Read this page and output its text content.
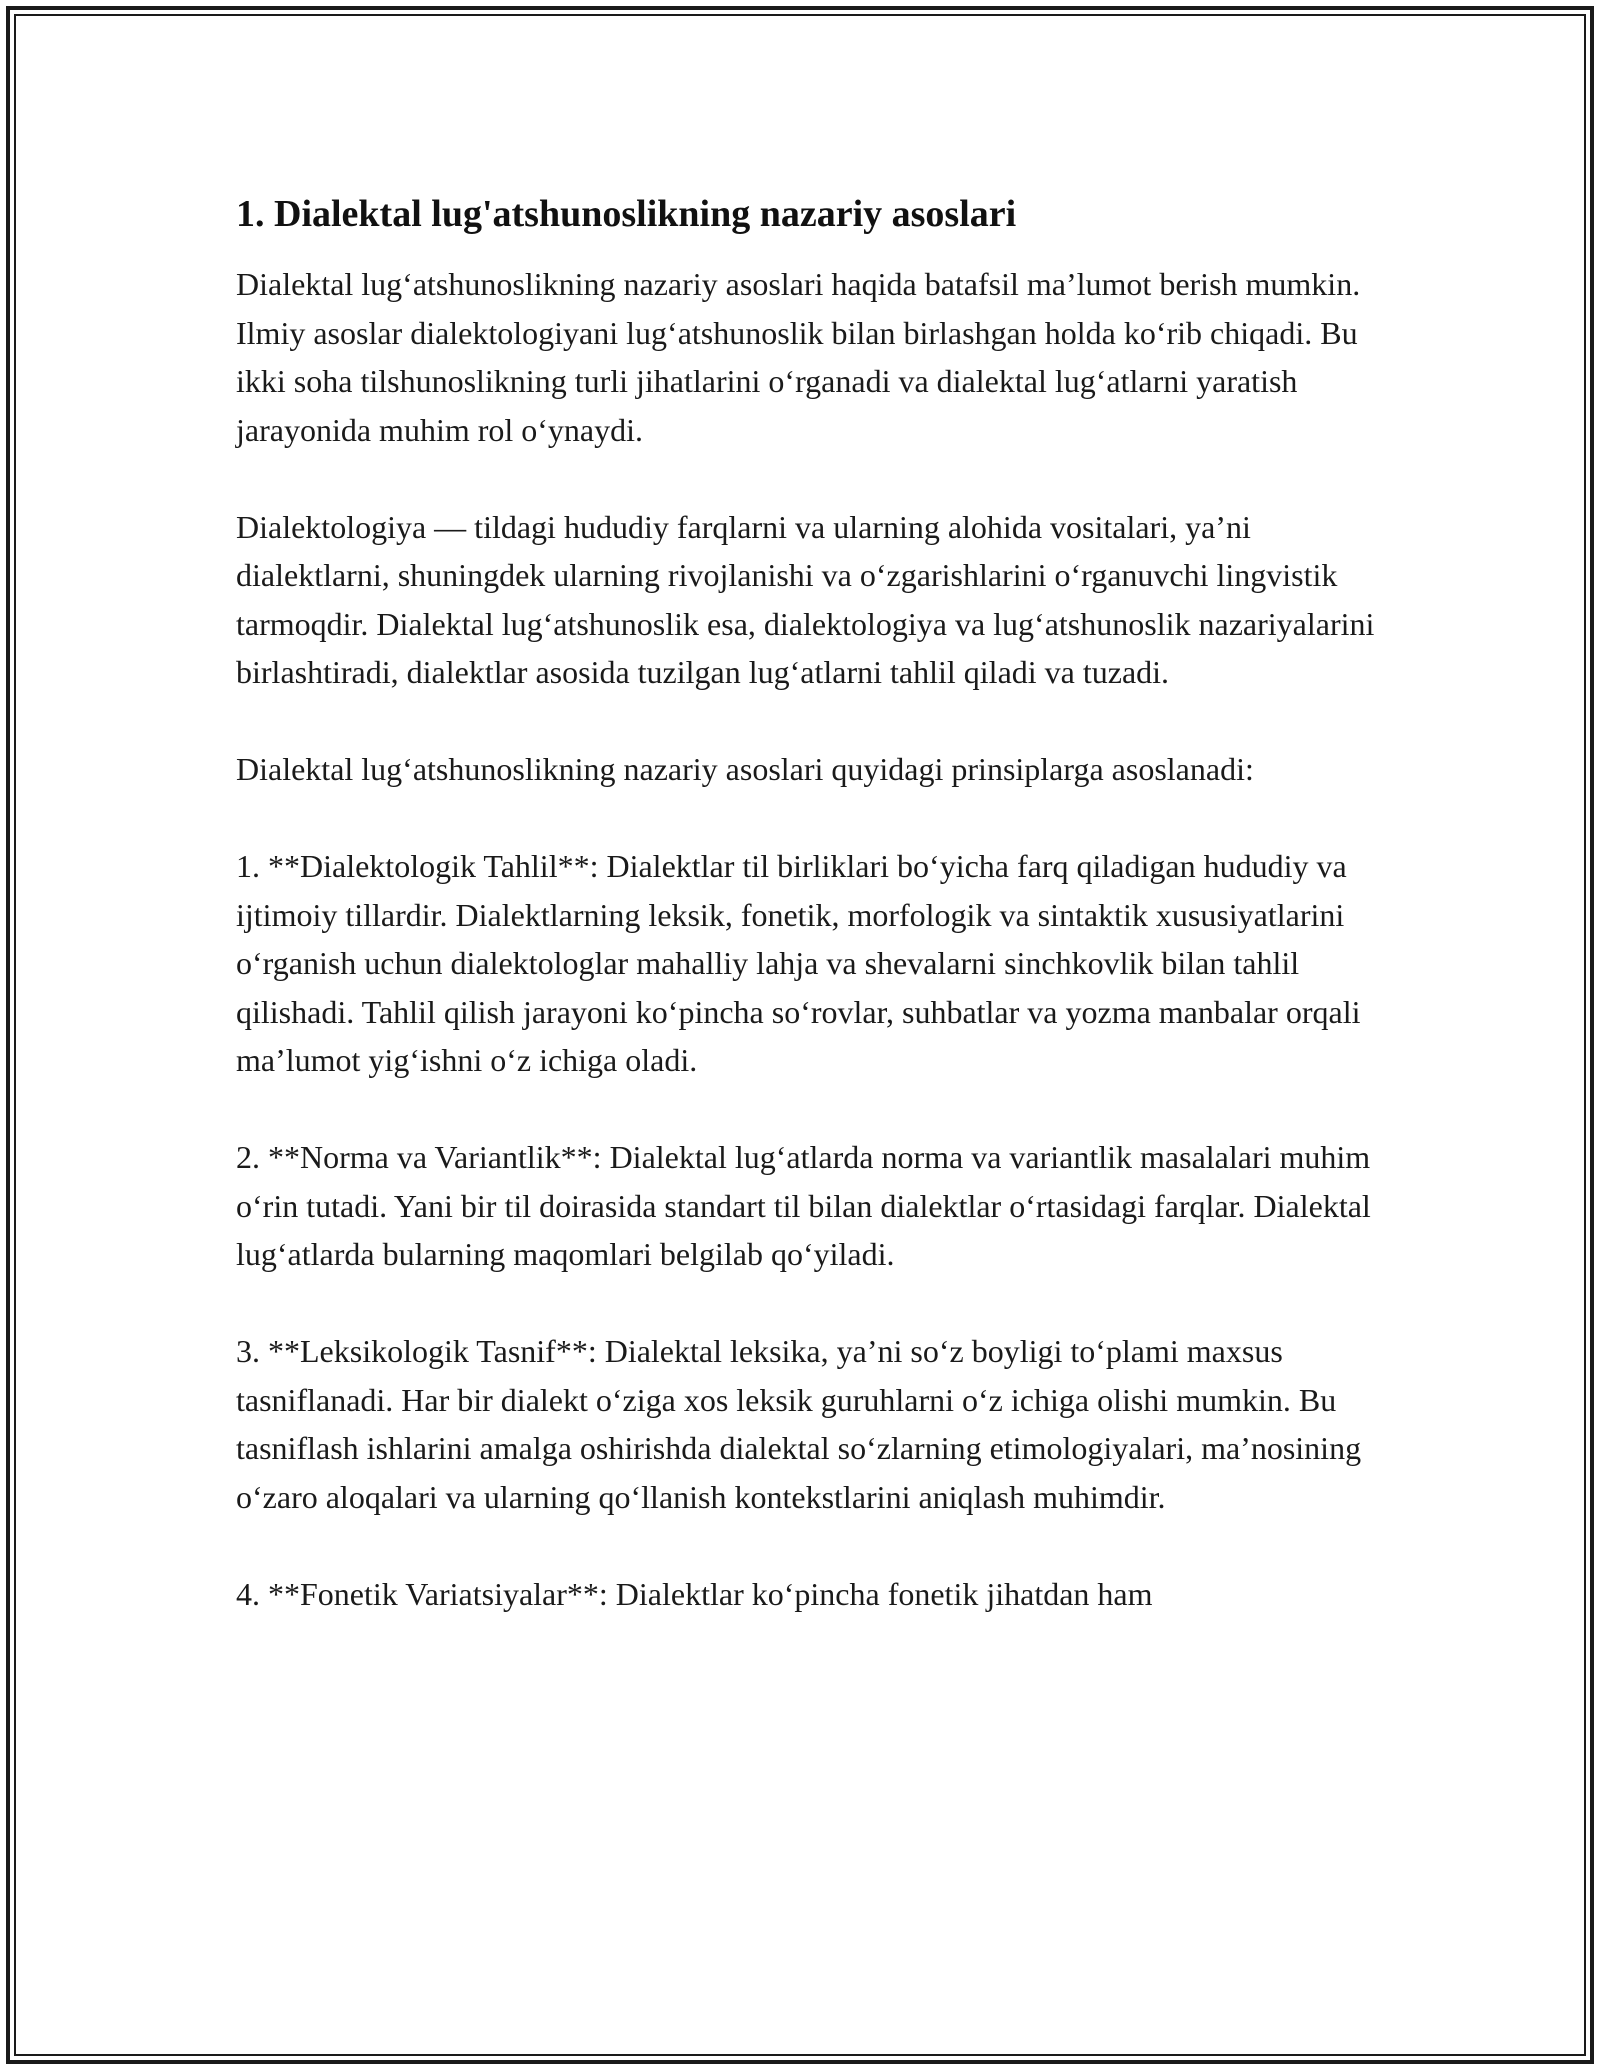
1. Dialektal lug'atshunoslikning nazariy asoslari

Dialektal lug‘atshunoslikning nazariy asoslari haqida batafsil ma’lumot berish mumkin. Ilmiy asoslar dialektologiyani lug‘atshunoslik bilan birlashgan holda ko‘rib chiqadi. Bu ikki soha tilshunoslikning turli jihatlarini o‘rganadi va dialektal lug‘atlarni yaratish jarayonida muhim rol o‘ynaydi.

Dialektologiya — tildagi hududiy farqlarni va ularning alohida vositalari, ya’ni dialektlarni, shuningdek ularning rivojlanishi va o‘zgarishlarini o‘rganuvchi lingvistik tarmoqdir. Dialektal lug‘atshunoslik esa, dialektologiya va lug‘atshunoslik nazariyalarini birlashtiradi, dialektlar asosida tuzilgan lug‘atlarni tahlil qiladi va tuzadi.

Dialektal lug‘atshunoslikning nazariy asoslari quyidagi prinsiplarga asoslanadi:

1. **Dialektologik Tahlil**: Dialektlar til birliklari bo‘yicha farq qiladigan hududiy va ijtimoiy tillardir. Dialektlarning leksik, fonetik, morfologik va sintaktik xususiyatlarini o‘rganish uchun dialektologlar mahalliy lahja va shevalarni sinchkovlik bilan tahlil qilishadi. Tahlil qilish jarayoni ko‘pincha so‘rovlar, suhbatlar va yozma manbalar orqali ma’lumot yig‘ishni o‘z ichiga oladi.

2. **Norma va Variantlik**: Dialektal lug‘atlarda norma va variantlik masalalari muhim o‘rin tutadi. Yani bir til doirasida standart til bilan dialektlar o‘rtasidagi farqlar. Dialektal lug‘atlarda bularning maqomlari belgilab qo‘yiladi.

3. **Leksikologik Tasnif**: Dialektal leksika, ya’ni so‘z boyligi to‘plami maxsus tasniflanadi. Har bir dialekt o‘ziga xos leksik guruhlarni o‘z ichiga olishi mumkin. Bu tasniflash ishlarini amalga oshirishda dialektal so‘zlarning etimologiyalari, ma’nosining o‘zaro aloqalari va ularning qo‘llanish kontekstlarini aniqlash muhimdir.

4. **Fonetik Variatsiyalar**: Dialektlar ko‘pincha fonetik jihatdan ham
